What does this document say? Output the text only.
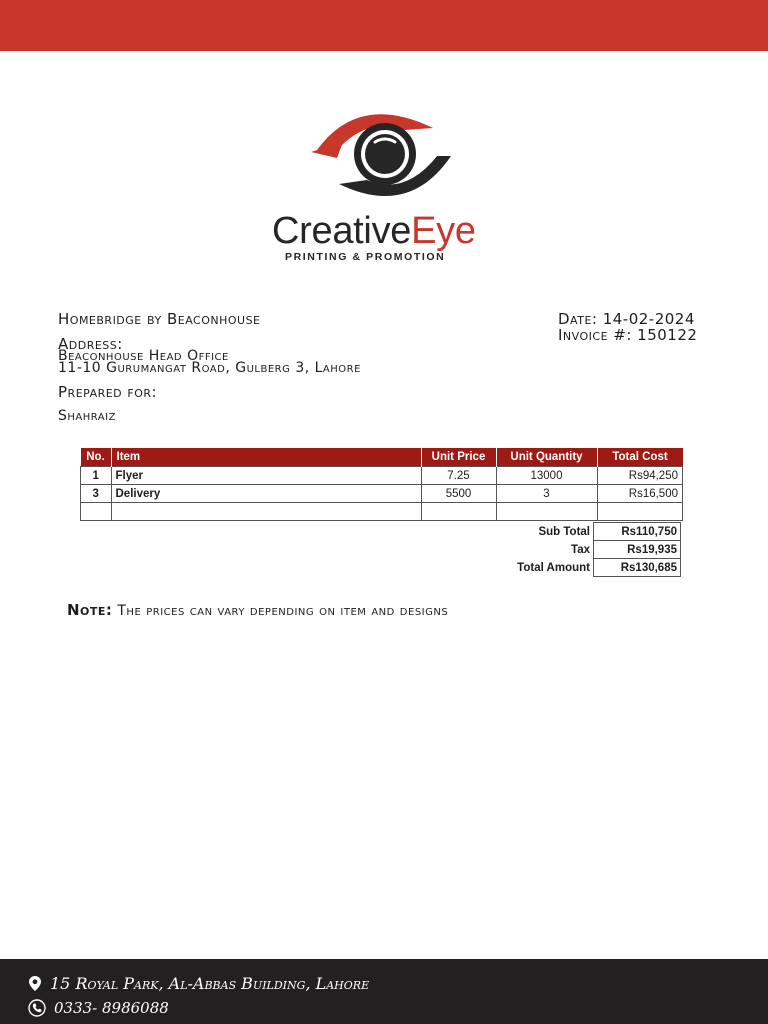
CreativeEye
PRINTING & PROMOTION
Homebridge by Beaconhouse
Address:
Beaconhouse Head Office
11-10 Gurumangat Road, Gulberg 3, Lahore
Prepared for:
Shahraiz
Date: 14-02-2024
Invoice #: 150122
No.	Item	Unit Price	Unit Quantity	Total Cost
1	Flyer	7.25	13000	Rs94,250
3	Delivery	5500	3	Rs16,500

Sub Total	Rs110,750
Tax	Rs19,935
Total Amount	Rs130,685
Note: The prices can vary depending on item and designs
15 Royal Park, Al-Abbas Building, Lahore
0333- 8986088
